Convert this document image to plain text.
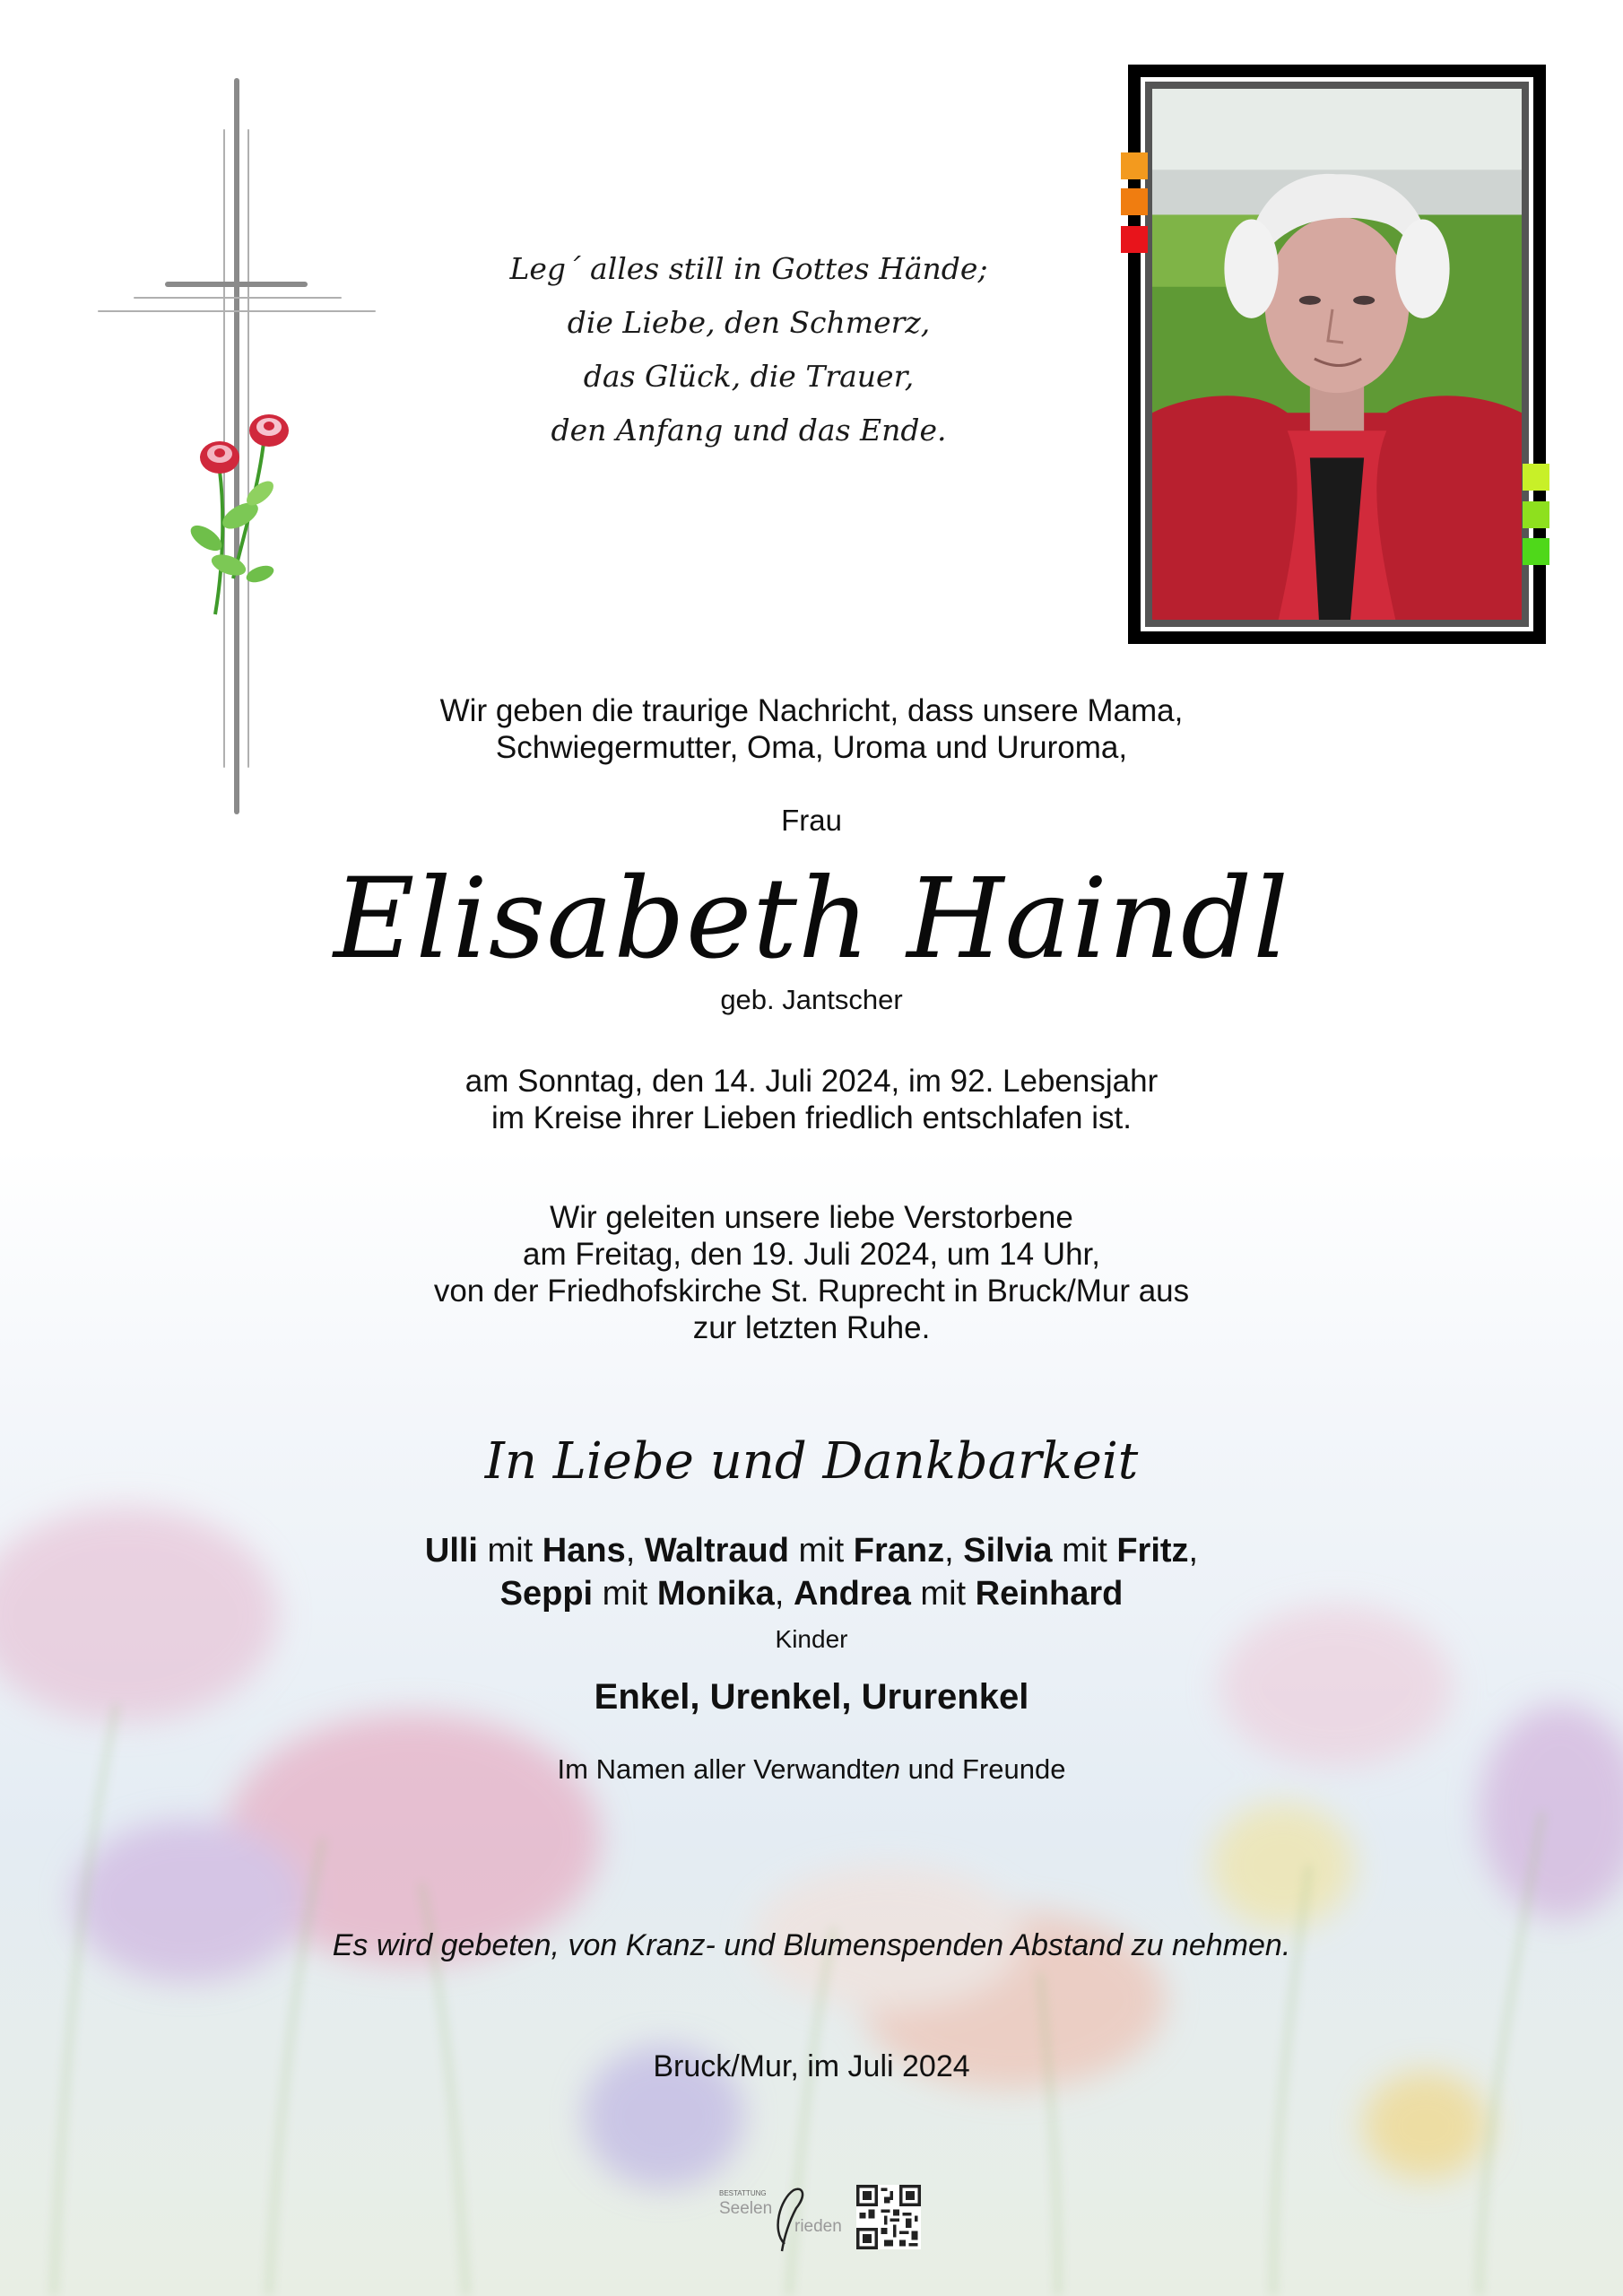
Leg´ alles still in Gottes Hände;
die Liebe, den Schmerz,
das Glück, die Trauer,
den Anfang und das Ende.
Wir geben die traurige Nachricht, dass unsere Mama,
Schwiegermutter, Oma, Uroma und Ururoma,
Frau
Elisabeth Haindl
geb. Jantscher
am Sonntag, den 14. Juli 2024, im 92. Lebensjahr
im Kreise ihrer Lieben friedlich entschlafen ist.
Wir geleiten unsere liebe Verstorbene
am Freitag, den 19. Juli 2024, um 14 Uhr,
von der Friedhofskirche St. Ruprecht in Bruck/Mur aus
zur letzten Ruhe.
In Liebe und Dankbarkeit
Ulli mit Hans, Waltraud mit Franz, Silvia mit Fritz,
Seppi mit Monika, Andrea mit Reinhard
Kinder
Enkel, Urenkel, Ururenkel
Im Namen aller Verwandten und Freunde
Es wird gebeten, von Kranz- und Blumenspenden Abstand zu nehmen.
Bruck/Mur, im Juli 2024
BESTATTUNG
Seelen
rieden
